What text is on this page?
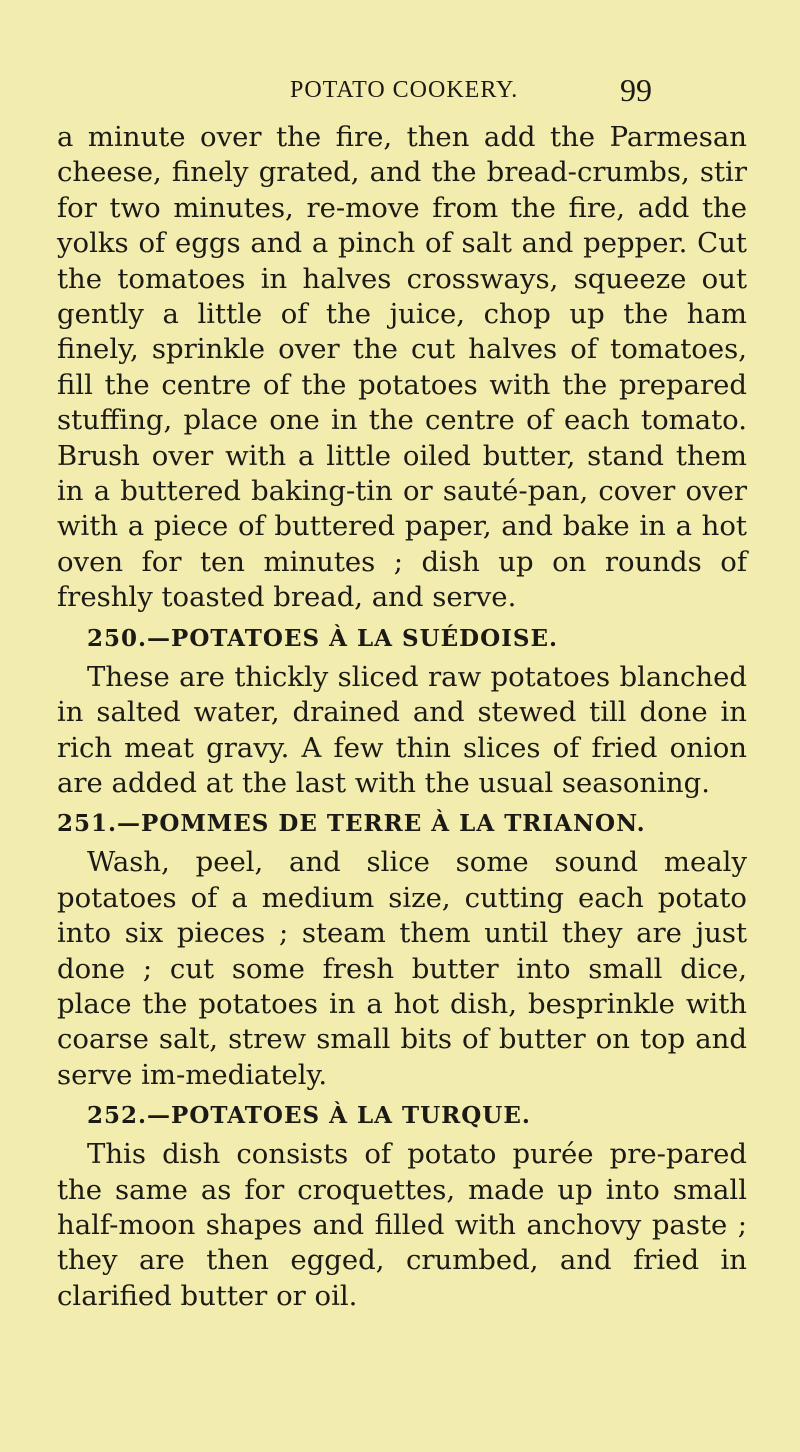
POTATO COOKERY.	99

a minute over the fire, then add the Parmesan cheese, finely grated, and the bread-crumbs, stir for two minutes, re-move from the fire, add the yolks of eggs and a pinch of salt and pepper. Cut the tomatoes in halves crossways, squeeze out gently a little of the juice, chop up the ham finely, sprinkle over the cut halves of tomatoes, fill the centre of the potatoes with the prepared stuffing, place one in the centre of each tomato. Brush over with a little oiled butter, stand them in a buttered baking-tin or sauté-pan, cover over with a piece of buttered paper, and bake in a hot oven for ten minutes ; dish up on rounds of freshly toasted bread, and serve.

250.—POTATOES À LA SUÉDOISE.

These are thickly sliced raw potatoes blanched in salted water, drained and stewed till done in rich meat gravy. A few thin slices of fried onion are added at the last with the usual seasoning.

251.—POMMES DE TERRE À LA TRIANON.

Wash, peel, and slice some sound mealy potatoes of a medium size, cutting each potato into six pieces ; steam them until they are just done ; cut some fresh butter into small dice, place the potatoes in a hot dish, besprinkle with coarse salt, strew small bits of butter on top and serve im-mediately.

252.—POTATOES À LA TURQUE.

This dish consists of potato purée pre-pared the same as for croquettes, made up into small half-moon shapes and filled with anchovy paste ; they are then egged, crumbed, and fried in clarified butter or oil.
